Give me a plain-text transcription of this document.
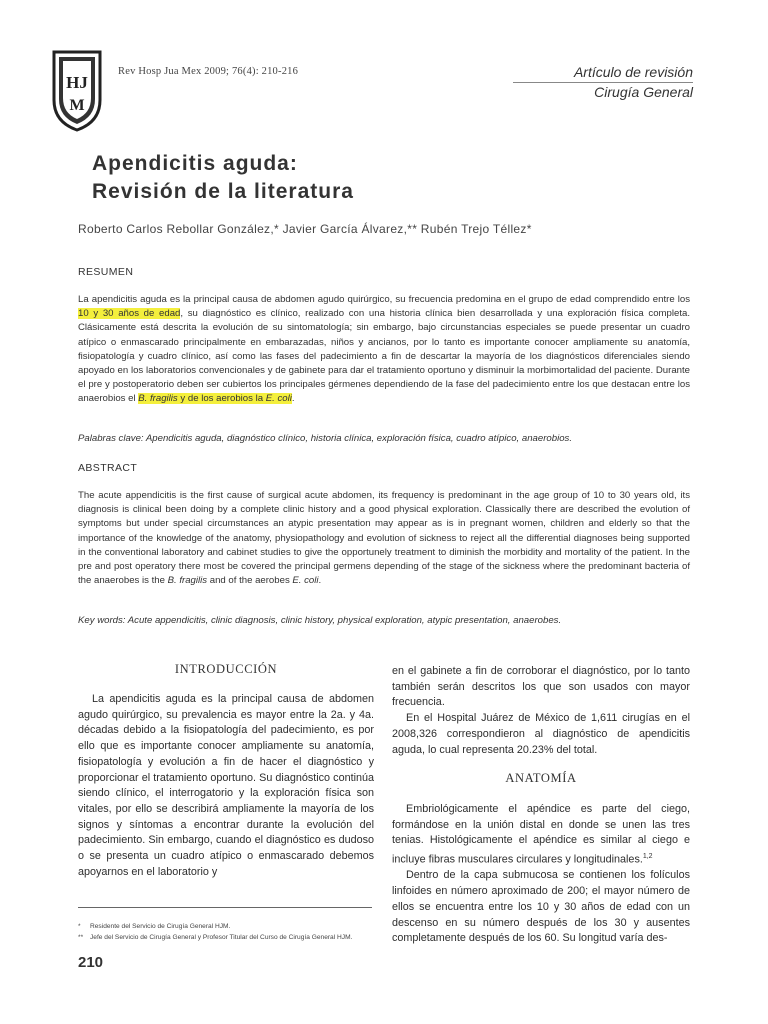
HJ
M
Rev Hosp Jua Mex 2009; 76(4): 210-216	Artículo de revisión
Cirugía General
Apendicitis aguda:
Revisión de la literatura
Roberto Carlos Rebollar González,* Javier García Álvarez,** Rubén Trejo Téllez*
RESUMEN
La apendicitis aguda es la principal causa de abdomen agudo quirúrgico, su frecuencia predomina en el grupo de edad comprendido entre los 10 y 30 años de edad, su diagnóstico es clínico, realizado con una historia clínica bien desarrollada y una exploración física completa. Clásicamente está descrita la evolución de su sintomatología; sin embargo, bajo circunstancias especiales se puede presentar un cuadro atípico o enmascarado principalmente en embarazadas, niños y ancianos, por lo tanto es importante conocer ampliamente su anatomía, fisiopatología y cuadro clínico, así como las fases del padecimiento a fin de descartar la mayoría de los diagnósticos diferenciales siendo apoyado en los laboratorios convencionales y de gabinete para dar el tratamiento oportuno y disminuir la morbimortalidad del paciente. Durante el pre y postoperatorio deben ser cubiertos los principales gérmenes dependiendo de la fase del padecimiento entre los que destacan entre los anaerobios el B. fragilis y de los aerobios la E. coli.
Palabras clave: Apendicitis aguda, diagnóstico clínico, historia clínica, exploración física, cuadro atípico, anaerobios.
ABSTRACT
The acute appendicitis is the first cause of surgical acute abdomen, its frequency is predominant in the age group of 10 to 30 years old, its diagnosis is clinical been doing by a complete clinic history and a good physical exploration. Classically there are described the evolution of symptoms but under special circumstances an atypic presentation may appear as is in pregnant women, children and elderly so that the importance of the knowledge of the anatomy, physiopathology and evolution of sickness to reject all the differential diagnoses being supported in the conventional laboratory and cabinet studies to give the opportunely treatment to diminish the morbidity and mortality of the patient. In the pre and post operatory there most be covered the principal germens depending of the stage of the sickness where the predominant bacteria of the anaerobes is the B. fragilis and of the aerobes E. coli.
Key words: Acute appendicitis, clinic diagnosis, clinic history, physical exploration, atypic presentation, anaerobes.
INTRODUCCIÓN

La apendicitis aguda es la principal causa de abdomen agudo quirúrgico, su prevalencia es mayor entre la 2a. y 4a. décadas debido a la fisiopatología del padecimiento, es por ello que es importante conocer ampliamente su anatomía, fisiopatología y evolución a fin de hacer el diagnóstico y proporcionar el tratamiento oportuno. Su diagnóstico continúa siendo clínico, el interrogatorio y la exploración física son vitales, por ello se describirá ampliamente la mayoría de los signos y síntomas a encontrar durante la evolución del padecimiento. Sin embargo, cuando el diagnóstico es dudoso o se presenta un cuadro atípico o enmascarado debemos apoyarnos en el laboratorio y

en el gabinete a fin de corroborar el diagnóstico, por lo tanto también serán descritos los que son usados con mayor frecuencia.

En el Hospital Juárez de México de 1,611 cirugías en el 2008,326 correspondieron al diagnóstico de apendicitis aguda, lo cual representa 20.23% del total.

ANATOMÍA

Embriológicamente el apéndice es parte del ciego, formándose en la unión distal en donde se unen las tres tenias. Histológicamente el apéndice es similar al ciego e incluye fibras musculares circulares y longitudinales.$^{1,2}$

Dentro de la capa submucosa se contienen los folículos linfoides en número aproximado de 200; el mayor número de ellos se encuentra entre los 10 y 30 años de edad con un descenso en su número después de los 30 y ausentes completamente después de los 60. Su longitud varía des-

* Residente del Servicio de Cirugía General HJM.
** Jefe del Servicio de Cirugía General y Profesor Titular del Curso de Cirugía General HJM.
210
